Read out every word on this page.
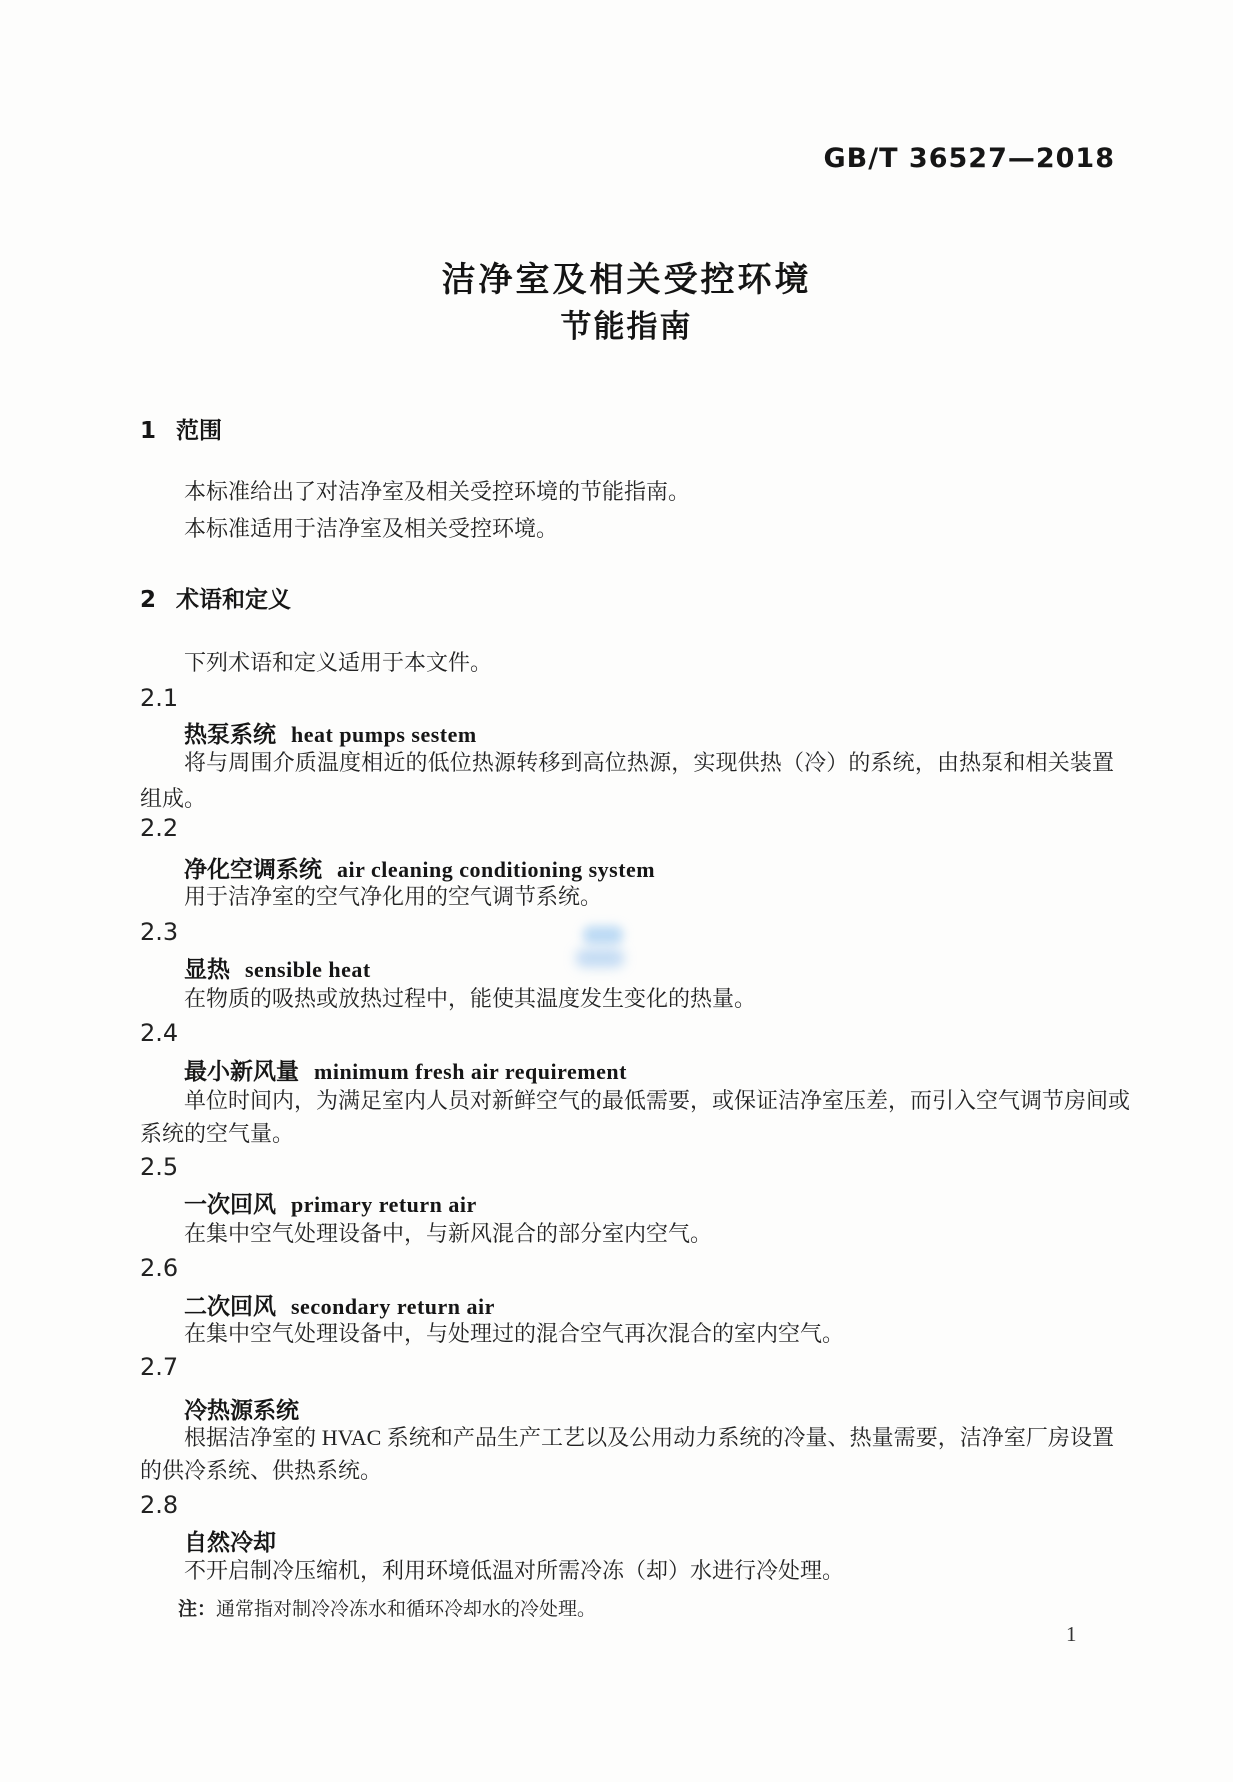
GB/T 36527—2018
洁净室及相关受控环境
节能指南
1 范围
本标准给出了对洁净室及相关受控环境的节能指南。
本标准适用于洁净室及相关受控环境。
2 术语和定义
下列术语和定义适用于本文件。
2.1
热泵系统 heat pumps sestem
将与周围介质温度相近的低位热源转移到高位热源，实现供热（冷）的系统，由热泵和相关装置
组成。
2.2
净化空调系统 air cleaning conditioning system
用于洁净室的空气净化用的空气调节系统。
2.3
显热 sensible heat
在物质的吸热或放热过程中，能使其温度发生变化的热量。
2.4
最小新风量 minimum fresh air requirement
单位时间内，为满足室内人员对新鲜空气的最低需要，或保证洁净室压差，而引入空气调节房间或
系统的空气量。
2.5
一次回风 primary return air
在集中空气处理设备中，与新风混合的部分室内空气。
2.6
二次回风 secondary return air
在集中空气处理设备中，与处理过的混合空气再次混合的室内空气。
2.7
冷热源系统
根据洁净室的 HVAC 系统和产品生产工艺以及公用动力系统的冷量、热量需要，洁净室厂房设置
的供冷系统、供热系统。
2.8
自然冷却
不开启制冷压缩机，利用环境低温对所需冷冻（却）水进行冷处理。
注：通常指对制冷冷冻水和循环冷却水的冷处理。
1
